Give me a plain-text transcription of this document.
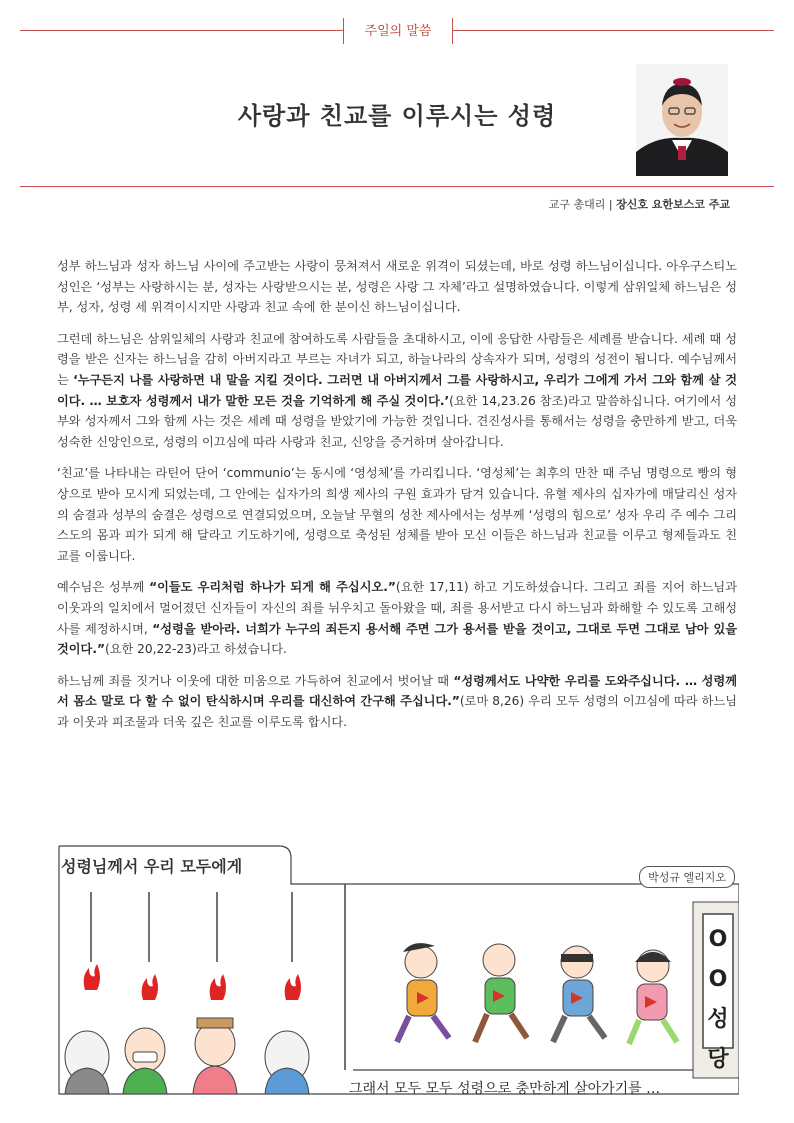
주일의 말씀
사랑과 친교를 이루시는 성령
교구 총대리 | 장신호 요한보스코 주교

성부 하느님과 성자 하느님 사이에 주고받는 사랑이 뭉쳐져서 새로운 위격이 되셨는데, 바로 성령 하느님이십니다. 아우구스티노 성인은 ‘성부는 사랑하시는 분, 성자는 사랑받으시는 분, 성령은 사랑 그 자체’라고 설명하였습니다. 이렇게 삼위일체 하느님은 성부, 성자, 성령 세 위격이시지만 사랑과 친교 속에 한 분이신 하느님이십니다.

그런데 하느님은 삼위일체의 사랑과 친교에 참여하도록 사람들을 초대하시고, 이에 응답한 사람들은 세례를 받습니다. 세례 때 성령을 받은 신자는 하느님을 감히 아버지라고 부르는 자녀가 되고, 하늘나라의 상속자가 되며, 성령의 성전이 됩니다. 예수님께서는 ‘누구든지 나를 사랑하면 내 말을 지킬 것이다. 그러면 내 아버지께서 그를 사랑하시고, 우리가 그에게 가서 그와 함께 살 것이다. … 보호자 성령께서 내가 말한 모든 것을 기억하게 해 주실 것이다.’(요한 14,23.26 참조)라고 말씀하십니다. 여기에서 성부와 성자께서 그와 함께 사는 것은 세례 때 성령을 받았기에 가능한 것입니다. 견진성사를 통해서는 성령을 충만하게 받고, 더욱 성숙한 신앙인으로, 성령의 이끄심에 따라 사랑과 친교, 신앙을 증거하며 살아갑니다.

‘친교’를 나타내는 라틴어 단어 ‘communio’는 동시에 ‘영성체’를 가리킵니다. ‘영성체’는 최후의 만찬 때 주님 명령으로 빵의 형상으로 받아 모시게 되었는데, 그 안에는 십자가의 희생 제사의 구원 효과가 담겨 있습니다. 유혈 제사의 십자가에 매달리신 성자의 숨결과 성부의 숨결은 성령으로 연결되었으며, 오늘날 무혈의 성찬 제사에서는 성부께 ‘성령의 힘으로’ 성자 우리 주 예수 그리스도의 몸과 피가 되게 해 달라고 기도하기에, 성령으로 축성된 성체를 받아 모신 이들은 하느님과 친교를 이루고 형제들과도 친교를 이룹니다.

예수님은 성부께 “이들도 우리처럼 하나가 되게 해 주십시오.”(요한 17,11) 하고 기도하셨습니다. 그리고 죄를 지어 하느님과 이웃과의 일치에서 멀어졌던 신자들이 자신의 죄를 뉘우치고 돌아왔을 때, 죄를 용서받고 다시 하느님과 화해할 수 있도록 고해성사를 제정하시며, “성령을 받아라. 너희가 누구의 죄든지 용서해 주면 그가 용서를 받을 것이고, 그대로 두면 그대로 남아 있을 것이다.”(요한 20,22-23)라고 하셨습니다.

하느님께 죄를 짓거나 이웃에 대한 미움으로 가득하여 친교에서 벗어날 때 “성령께서도 나약한 우리를 도와주십니다. … 성령께서 몸소 말로 다 할 수 없이 탄식하시며 우리를 대신하여 간구해 주십니다.”(로마 8,26) 우리 모두 성령의 이끄심에 따라 하느님과 이웃과 피조물과 더욱 깊은 친교를 이루도록 합시다.

성령님께서 우리 모두에게
박성규 엘리지오
OO성당
그래서 모두 모두 성령으로 충만하게 살아가기를 …
